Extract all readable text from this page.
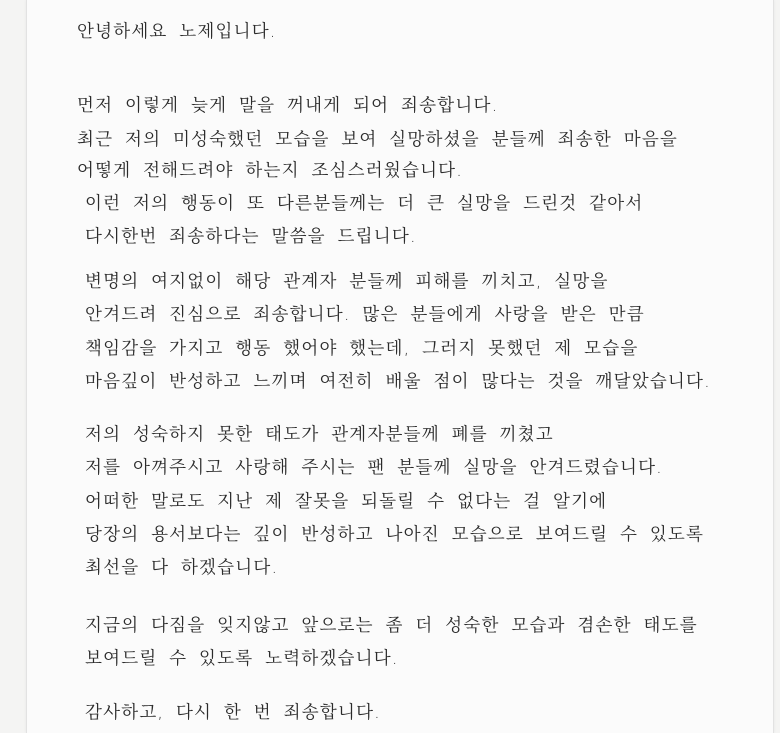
안녕하세요 노제입니다.

먼저 이렇게 늦게 말을 꺼내게 되어 죄송합니다.

최근 저의 미성숙했던 모습을 보여 실망하셨을 분들께 죄송한 마음을

어떻게 전해드려야 하는지 조심스러웠습니다.

이런 저의 행동이 또 다른분들께는 더 큰 실망을 드린것 같아서

다시한번 죄송하다는 말씀을 드립니다.

변명의 여지없이 해당 관계자 분들께 피해를 끼치고, 실망을

안겨드려 진심으로 죄송합니다. 많은 분들에게 사랑을 받은 만큼

책임감을 가지고 행동 했어야 했는데, 그러지 못했던 제 모습을

마음깊이 반성하고 느끼며 여전히 배울 점이 많다는 것을 깨달았습니다.

저의 성숙하지 못한 태도가 관계자분들께 폐를 끼쳤고

저를 아껴주시고 사랑해 주시는 팬 분들께 실망을 안겨드렸습니다.

어떠한 말로도 지난 제 잘못을 되돌릴 수 없다는 걸 알기에

당장의 용서보다는 깊이 반성하고 나아진 모습으로 보여드릴 수 있도록

최선을 다 하겠습니다.

지금의 다짐을 잊지않고 앞으로는 좀 더 성숙한 모습과 겸손한 태도를

보여드릴 수 있도록 노력하겠습니다.

감사하고, 다시 한 번 죄송합니다.
